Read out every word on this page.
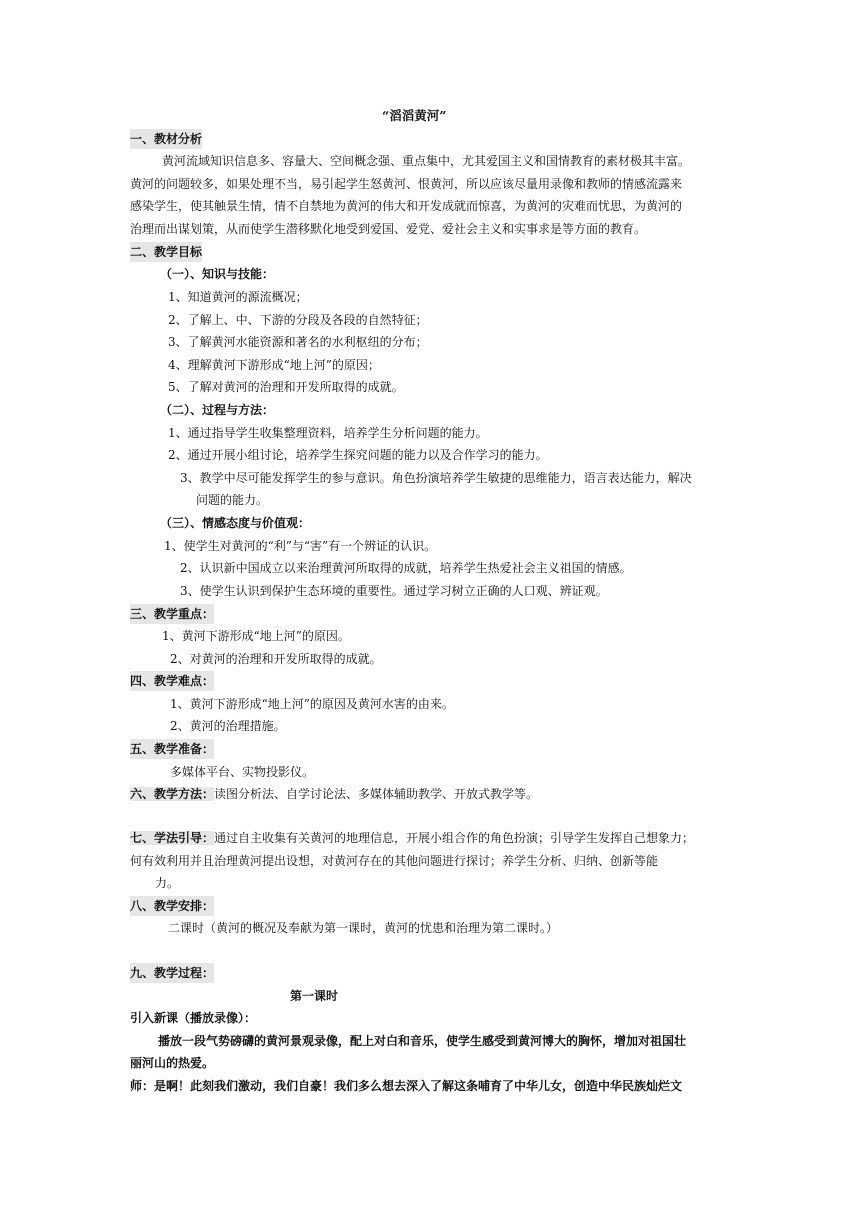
“滔滔黄河”
一、教材分析
黄河流域知识信息多、容量大、空间概念强、重点集中，尤其爱国主义和国情教育的素材极其丰富。
黄河的问题较多，如果处理不当，易引起学生怒黄河、恨黄河，所以应该尽量用录像和教师的情感流露来
感染学生，使其触景生情，情不自禁地为黄河的伟大和开发成就而惊喜，为黄河的灾难而忧思，为黄河的
治理而出谋划策，从而使学生潜移默化地受到爱国、爱党、爱社会主义和实事求是等方面的教育。
二、教学目标
（一）、知识与技能：
1、知道黄河的源流概况；
2、了解上、中、下游的分段及各段的自然特征；
3、了解黄河水能资源和著名的水利枢纽的分布；
4、理解黄河下游形成“地上河”的原因；
5、了解对黄河的治理和开发所取得的成就。
（二）、过程与方法：
1、通过指导学生收集整理资料，培养学生分析问题的能力。
2、通过开展小组讨论，培养学生探究问题的能力以及合作学习的能力。
3、教学中尽可能发挥学生的参与意识。角色扮演培养学生敏捷的思维能力，语言表达能力，解决
问题的能力。
（三）、情感态度与价值观：
1、使学生对黄河的“利”与“害”有一个辨证的认识。
2、认识新中国成立以来治理黄河所取得的成就，培养学生热爱社会主义祖国的情感。
3、使学生认识到保护生态环境的重要性。通过学习树立正确的人口观、辨证观。
三、教学重点：
1、黄河下游形成“地上河”的原因。
2、对黄河的治理和开发所取得的成就。
四、教学难点：
1、黄河下游形成“地上河”的原因及黄河水害的由来。
2、黄河的治理措施。
五、教学准备：
多媒体平台、实物投影仪。
六、教学方法：读图分析法、自学讨论法、多媒体辅助教学、开放式教学等。
七、学法引导：通过自主收集有关黄河的地理信息，开展小组合作的角色扮演；引导学生发挥自己想象力；
何有效利用并且治理黄河提出设想，对黄河存在的其他问题进行探讨；养学生分析、归纳、创新等能
力。
八、教学安排：
二课时（黄河的概况及奉献为第一课时，黄河的忧患和治理为第二课时。）
九、教学过程：
第一课时
引入新课（播放录像）：
播放一段气势磅礴的黄河景观录像，配上对白和音乐，使学生感受到黄河博大的胸怀，增加对祖国壮
丽河山的热爱。
师：是啊！此刻我们激动，我们自豪！我们多么想去深入了解这条哺育了中华儿女，创造中华民族灿烂文
